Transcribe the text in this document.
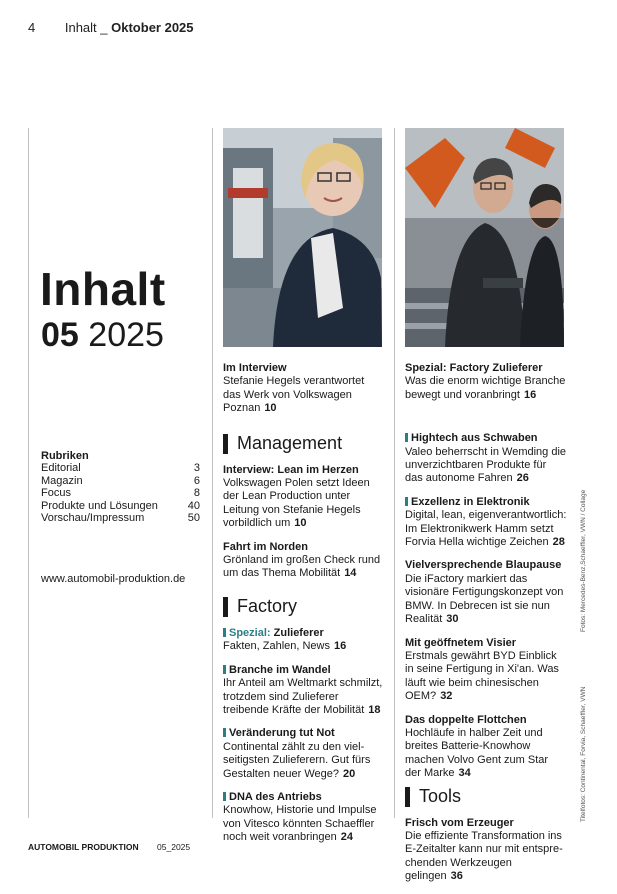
4 Inhalt _ Oktober 2025
Inhalt
05 2025
Rubriken
Editorial	3
Magazin	6
Focus	8
Produkte und Lösungen	40
Vorschau/Impressum	50
www.automobil-produktion.de
AUTOMOBIL PRODUKTION 05_2025
Im Interview
Stefanie Hegels verantwortet das Werk von Volkswagen Poznan 10
Management
Interview: Lean im Herzen
Volkswagen Polen setzt Ideen der Lean Production unter Leitung von Stefanie Hegels vorbildlich um 10
Fahrt im Norden
Grönland im großen Check rund um das Thema Mobilität 14
Factory
Spezial: Zulieferer
Fakten, Zahlen, News 16
Branche im Wandel
Ihr Anteil am Weltmarkt schmilzt, trotzdem sind Zulieferer treibende Kräfte der Mobilität 18
Veränderung tut Not
Continental zählt zu den viel-seitigsten Zulieferern. Gut fürs Gestalten neuer Wege? 20
DNA des Antriebs
Knowhow, Historie und Impulse von Vitesco könnten Schaeffler noch weit voranbringen 24
Spezial: Factory Zulieferer
Was die enorm wichtige Branche bewegt und voranbringt 16
Hightech aus Schwaben
Valeo beherrscht in Wemding die unverzichtbaren Produkte für das autonome Fahren 26
Exzellenz in Elektronik
Digital, lean, eigenverantwortlich: Im Elektronikwerk Hamm setzt Forvia Hella wichtige Zeichen 28
Vielversprechende Blaupause
Die iFactory markiert das visionäre Fertigungskonzept von BMW. In Debrecen ist sie nun Realität 30
Mit geöffnetem Visier
Erstmals gewährt BYD Einblick in seine Fertigung in Xi'an. Was läuft wie beim chinesischen OEM? 32
Das doppelte Flottchen
Hochläufe in halber Zeit und breites Batterie-Knowhow machen Volvo Gent zum Star der Marke 34
Tools
Frisch vom Erzeuger
Die effiziente Transformation ins E-Zeitalter kann nur mit entspre-chenden Werkzeugen gelingen 36
Fotos: Mercedes-Benz,Schaeffler, VWN / Collage
Titelfotos: Continental, Forvia, Schaeffler, VWN
